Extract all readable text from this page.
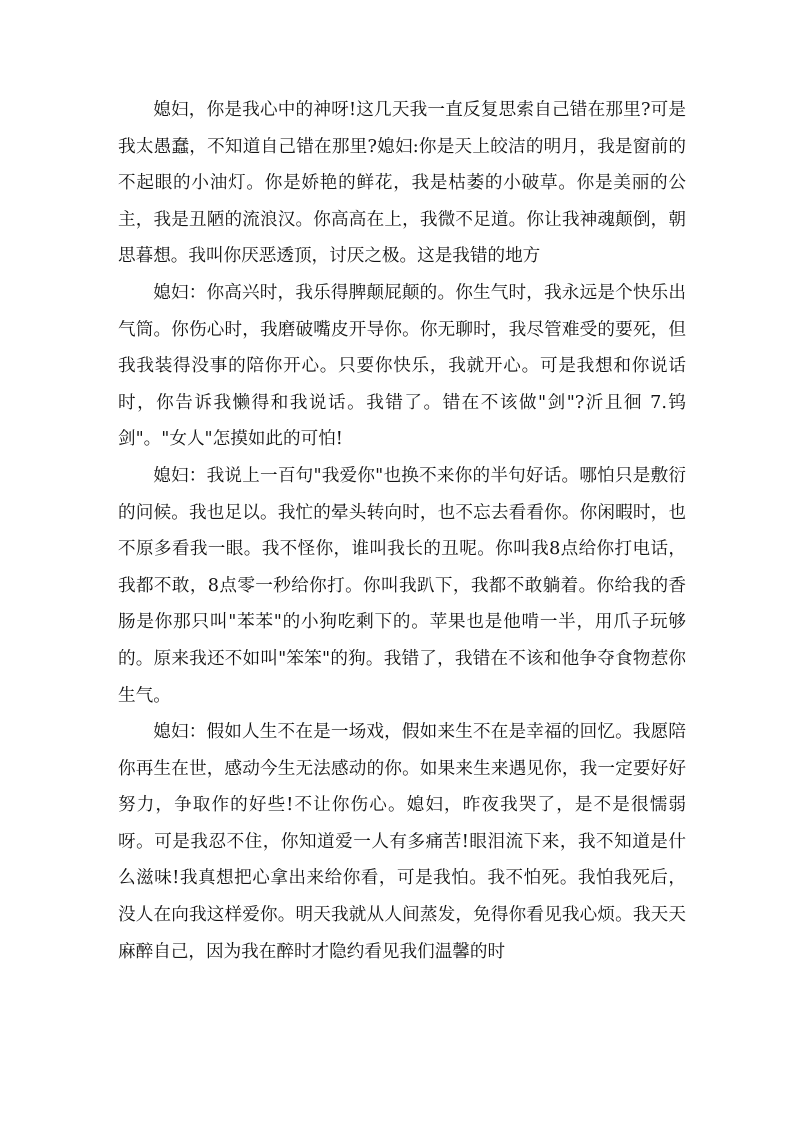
媳妇，你是我心中的神呀!这几天我一直反复思索自己错在那里?可是我太愚蠢，不知道自己错在那里?媳妇:你是天上皎洁的明月，我是窗前的不起眼的小油灯。你是娇艳的鲜花，我是枯萎的小破草。你是美丽的公主，我是丑陋的流浪汉。你高高在上，我微不足道。你让我神魂颠倒，朝思暮想。我叫你厌恶透顶，讨厌之极。这是我错的地方

媳妇：你高兴时，我乐得脾颠屁颠的。你生气时，我永远是个快乐出气筒。你伤心时，我磨破嘴皮开导你。你无聊时，我尽管难受的要死，但我我装得没事的陪你开心。只要你快乐，我就开心。可是我想和你说话时，你告诉我懒得和我说话。我错了。错在不该做"剑"?沂且徊 7.钨剑"。"女人"怎摸如此的可怕!

媳妇：我说上一百句"我爱你"也换不来你的半句好话。哪怕只是敷衍的问候。我也足以。我忙的晕头转向时，也不忘去看看你。你闲暇时，也不原多看我一眼。我不怪你，谁叫我长的丑呢。你叫我8点给你打电话，我都不敢，8点零一秒给你打。你叫我趴下，我都不敢躺着。你给我的香肠是你那只叫"苯苯"的小狗吃剩下的。苹果也是他啃一半，用爪子玩够的。原来我还不如叫"笨笨"的狗。我错了，我错在不该和他争夺食物惹你生气。

媳妇：假如人生不在是一场戏，假如来生不在是幸福的回忆。我愿陪你再生在世，感动今生无法感动的你。如果来生来遇见你，我一定要好好努力，争取作的好些!不让你伤心。媳妇，昨夜我哭了，是不是很懦弱呀。可是我忍不住，你知道爱一人有多痛苦!眼泪流下来，我不知道是什么滋味!我真想把心拿出来给你看，可是我怕。我不怕死。我怕我死后，没人在向我这样爱你。明天我就从人间蒸发，免得你看见我心烦。我天天麻醉自己，因为我在醉时才隐约看见我们温馨的时
